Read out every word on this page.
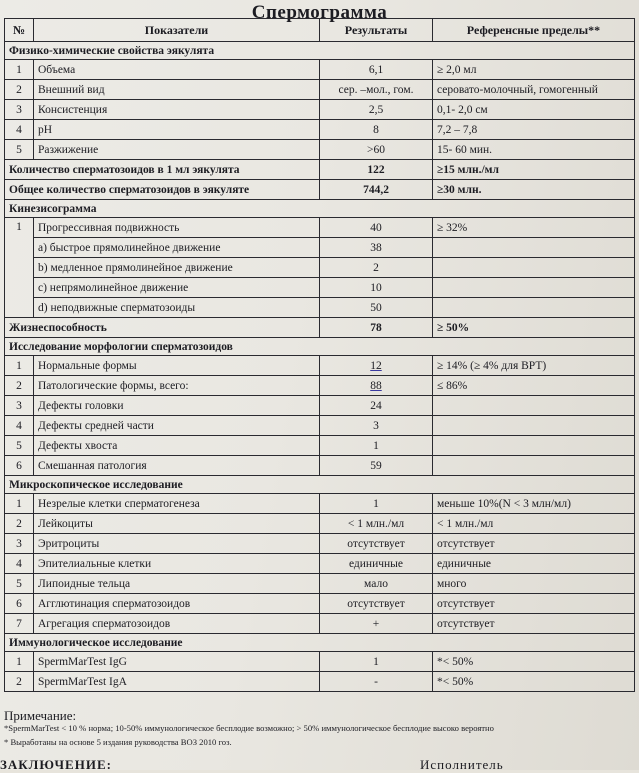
Спермограмма
№	Показатели	Результаты	Референсные пределы**
Физико-химические свойства эякулята			
1	Объема	6,1	≥ 2,0 мл
2	Внешний вид	сер. –мол., гом.	серовато-молочный, гомогенный
3	Консистенция	2,5	0,1- 2,0 см
4	pH	8	7,2 – 7,8
5	Разжижение	>60	15- 60 мин.
Количество сперматозоидов в 1 мл эякулята		122	≥15 млн./мл
Общее количество сперматозоидов в эякуляте		744,2	≥30 млн.
Кинезисограмма			
1	Прогрессивная подвижность	40	≥ 32%
	а) быстрое прямолинейное движение	38	
	b) медленное прямолинейное движение	2	
	c) непрямолинейное движение	10	
	d) неподвижные сперматозоиды	50	
Жизнеспособность		78	≥ 50%
Исследование морфологии сперматозоидов			
1	Нормальные формы	12	≥ 14% (≥ 4% для ВРТ)
2	Патологические формы, всего:	88	≤ 86%
3	Дефекты головки	24	
4	Дефекты средней части	3	
5	Дефекты хвоста	1	
6	Смешанная патология	59	
Микроскопическое исследование			
1	Незрелые клетки сперматогенеза	1	меньше 10%(N < 3 млн/мл)
2	Лейкоциты	< 1 млн./мл	< 1 млн./мл
3	Эритроциты	отсутствует	отсутствует
4	Эпителиальные клетки	единичные	единичные
5	Липоидные тельца	мало	много
6	Агглютинация сперматозоидов	отсутствует	отсутствует
7	Агрегация сперматозоидов	+	отсутствует
Иммунологическое исследование			
1	SpermMarTest IgG	1	*< 50%
2	SpermMarTest IgA	-	*< 50%
Примечание:
*SpermMarTest < 10 % норма; 10-50% иммунологическое бесплодие возможно; > 50% иммунологическое бесплодие высоко вероятно
* Выработаны на основе 5 издания руководства ВОЗ 2010 гоз.
ЗАКЛЮЧЕНИЕ:	Исполнитель
